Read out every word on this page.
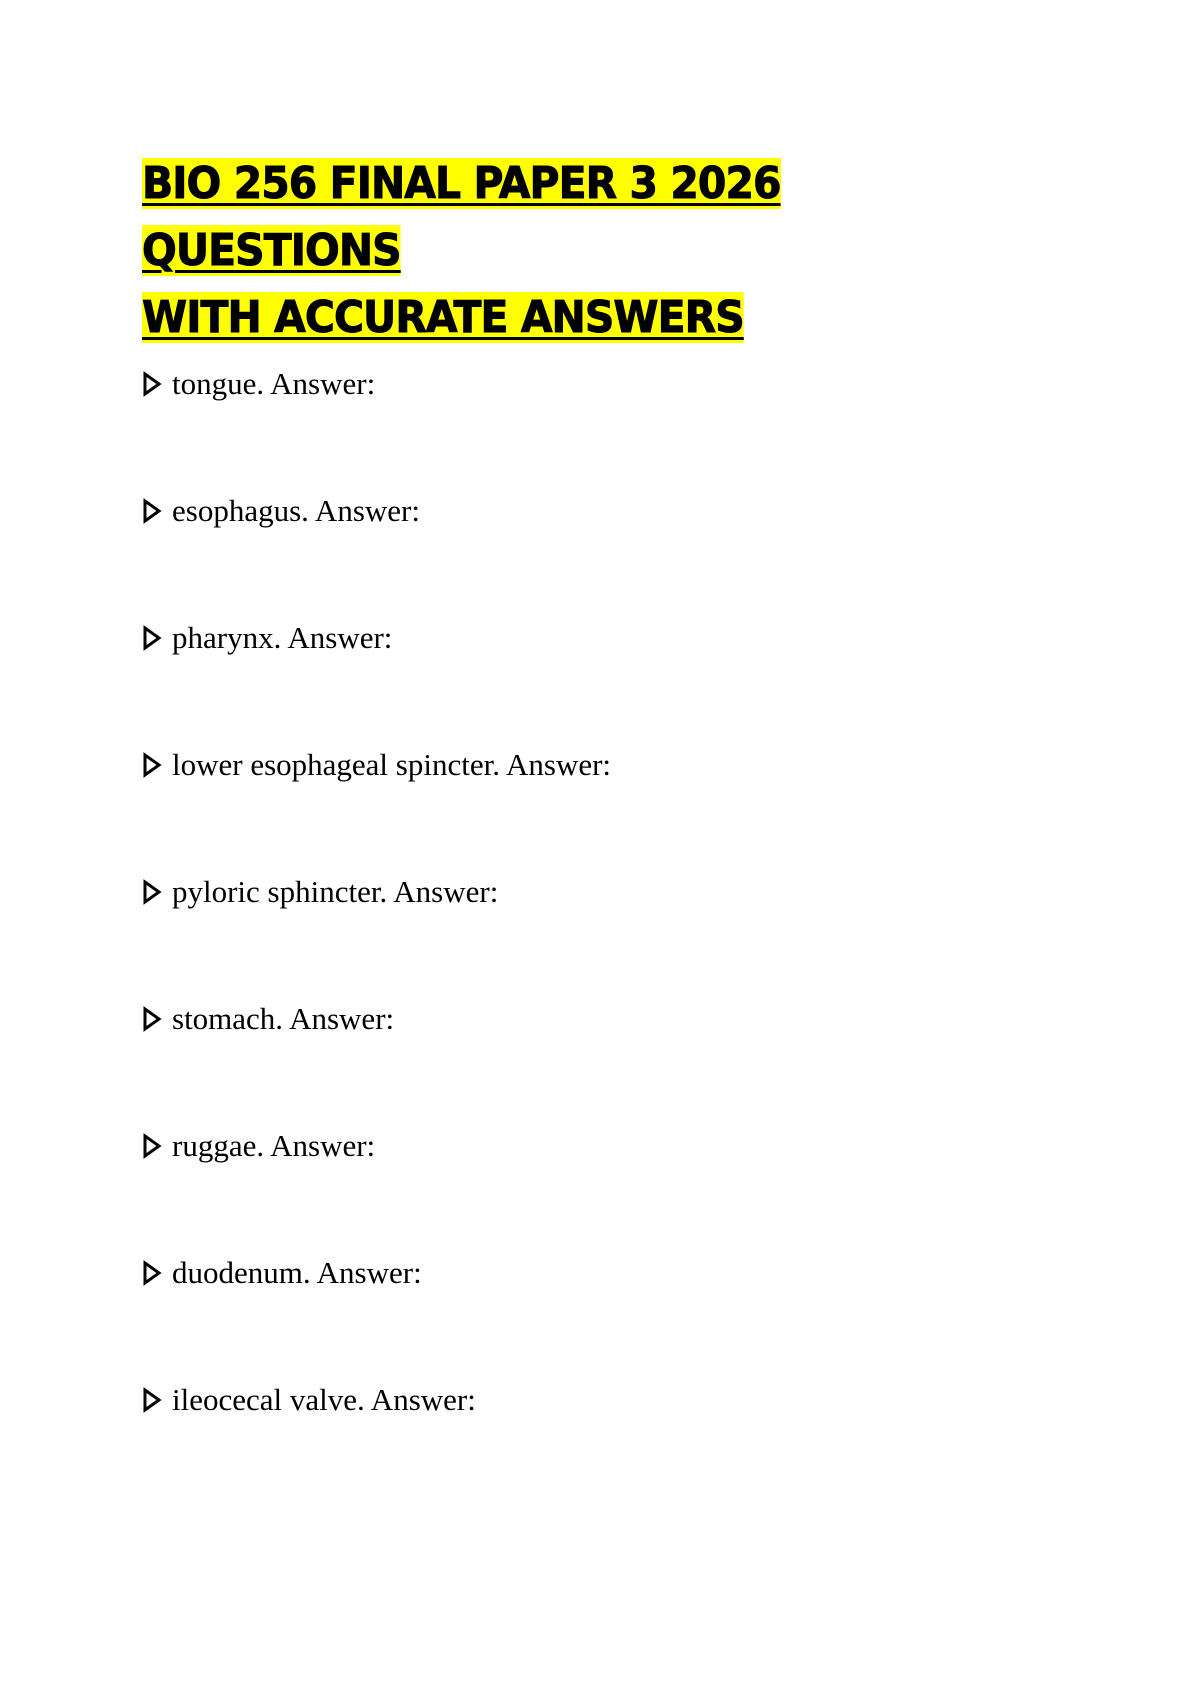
BIO 256 FINAL PAPER 3 2026 QUESTIONS
WITH ACCURATE ANSWERS
tongue. Answer:
esophagus. Answer:
pharynx. Answer:
lower esophageal spincter. Answer:
pyloric sphincter. Answer:
stomach. Answer:
ruggae. Answer:
duodenum. Answer:
ileocecal valve. Answer:
